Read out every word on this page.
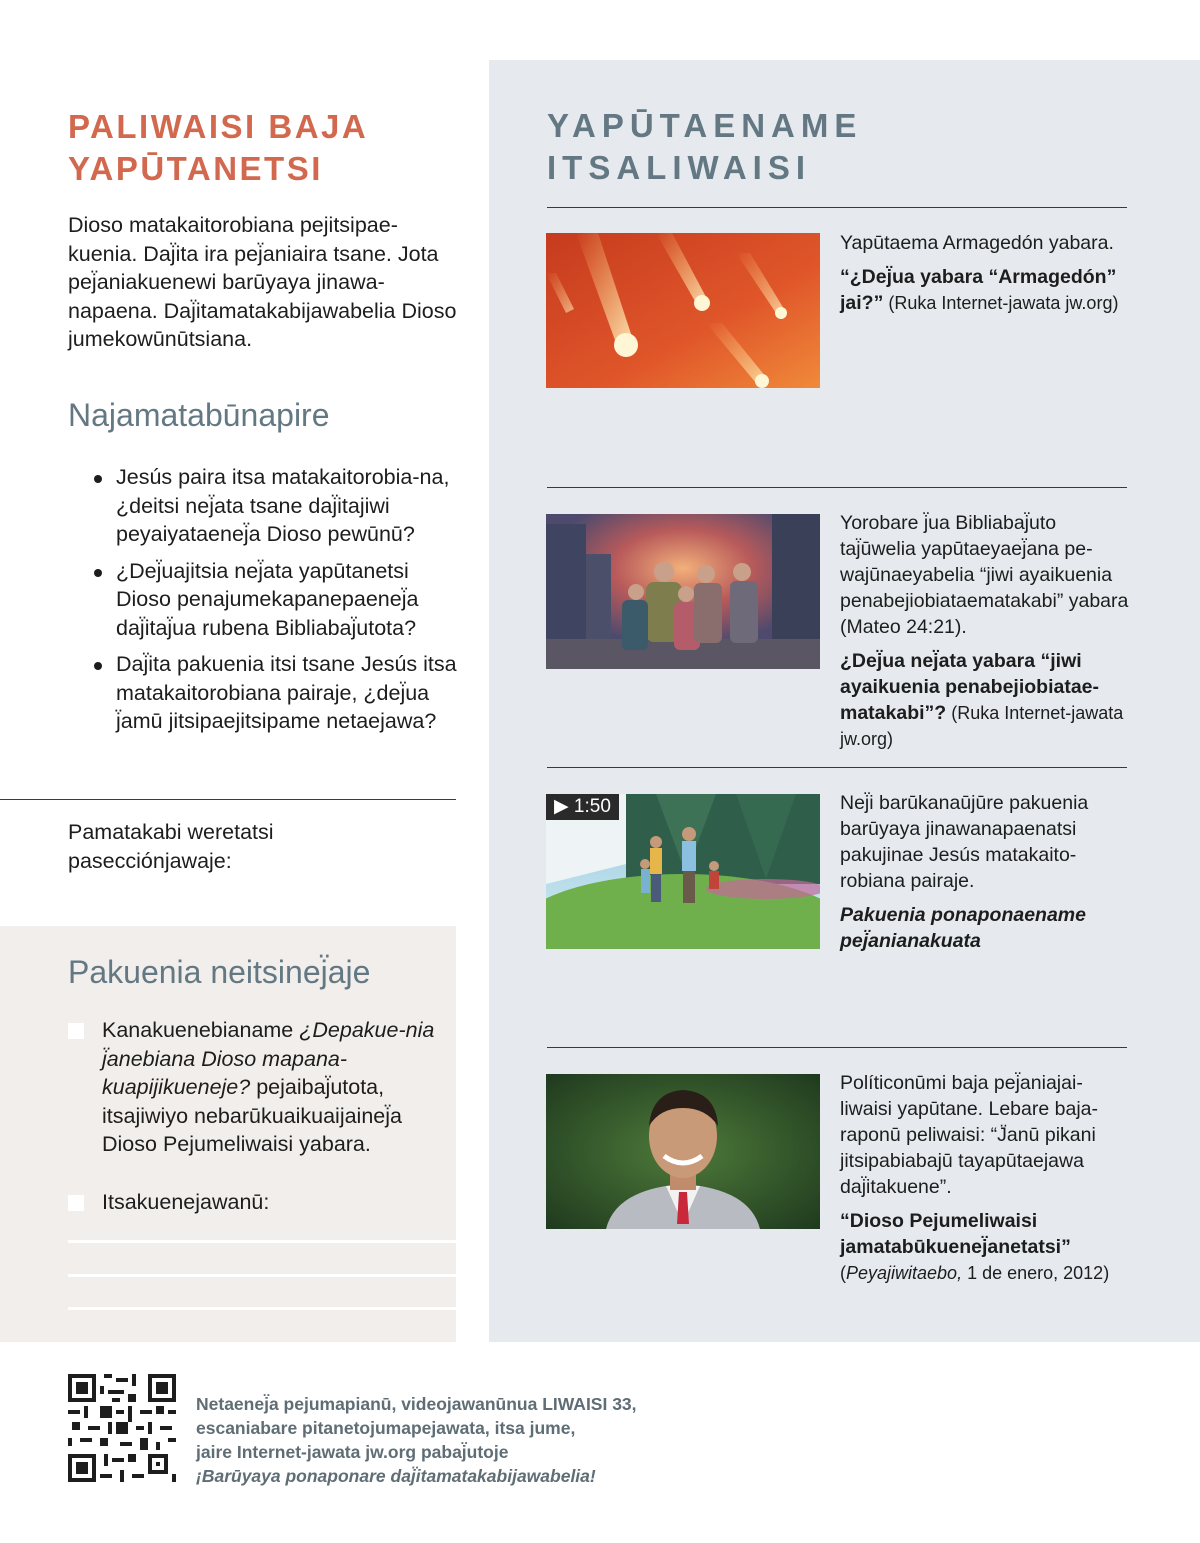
PALIWAISI BAJA YAPŪTANETSI

Dioso matakaitorobiana pejitsipae-kuenia. Daj̈ita ira pej̈aniaira tsane. Jota pej̈aniakuenewi barūyaya jinawa-napaena. Daj̈itamatakabijawabelia Dioso jumekowūnūtsiana.

Najamatabūnapire
Jesús paira itsa matakaitorobia-na, ¿deitsi nej̈ata tsane daj̈itajiwi peyaiyataenej̈a Dioso pewūnū?
¿Dej̈uajitsia nej̈ata yapūtanetsi Dioso penajumekapanepaenej̈a daj̈itaj̈ua rubena Bibliabaj̈utota?
Daj̈ita pakuenia itsi tsane Jesús itsa matakaitorobiana pairaje, ¿dej̈ua j̈amū jitsipaejitsipame netaejawa?

Pamatakabi weretatsi pasecciónjawaje:

Pakuenia neitsinej̈aje
Kanakuenebianame ¿Depakue-nia j̈anebiana Dioso mapana-kuapijikueneje? pejaibaj̈utota, itsajiwiyo nebarūkuaikuaijainej̈a Dioso Pejumeliwaisi yabara.
Itsakuenejawanū:
YAPŪTAENAME ITSALIWAISI

Yapūtaema Armagedón yabara.

“¿Dej̈ua yabara “Armagedón” jai?” (Ruka Internet-jawata jw.org)

Yorobare j̈ua Bibliabaj̈uto taj̈ūwelia yapūtaeyaej̈ana pe-wajūnaeyabelia “jiwi ayaikuenia penabejiobiataematakabi” yabara (Mateo 24:21).

¿Dej̈ua nej̈ata yabara “jiwi ayaikuenia penabejiobiatae-matakabi”? (Ruka Internet-jawata jw.org)

▶ 1:50	Nej̈i barūkanaūjūre pakuenia barūyaya jinawanapaenatsi pakujinae Jesús matakaito-robiana pairaje.

Pakuenia ponaponaename pej̈anianakuata

Políticonūmi baja pej̈aniajai-liwaisi yapūtane. Lebare baja-raponū peliwaisi: “J̈anū pikani jitsipabiabajū tayapūtaejawa daj̈itakuene”.

“Dioso Pejumeliwaisi jamatabūkuenej̈anetatsi”
(Peyajiwitaebo, 1 de enero, 2012)

Netaenej̈a pejumapianū, videojawanūnua LIWAISI 33,
escaniabare pitanetojumapejawata, itsa jume,
jaire Internet-jawata jw.org pabaj̈utoje
¡Barūyaya ponaponare daj̈itamatakabijawabelia!
